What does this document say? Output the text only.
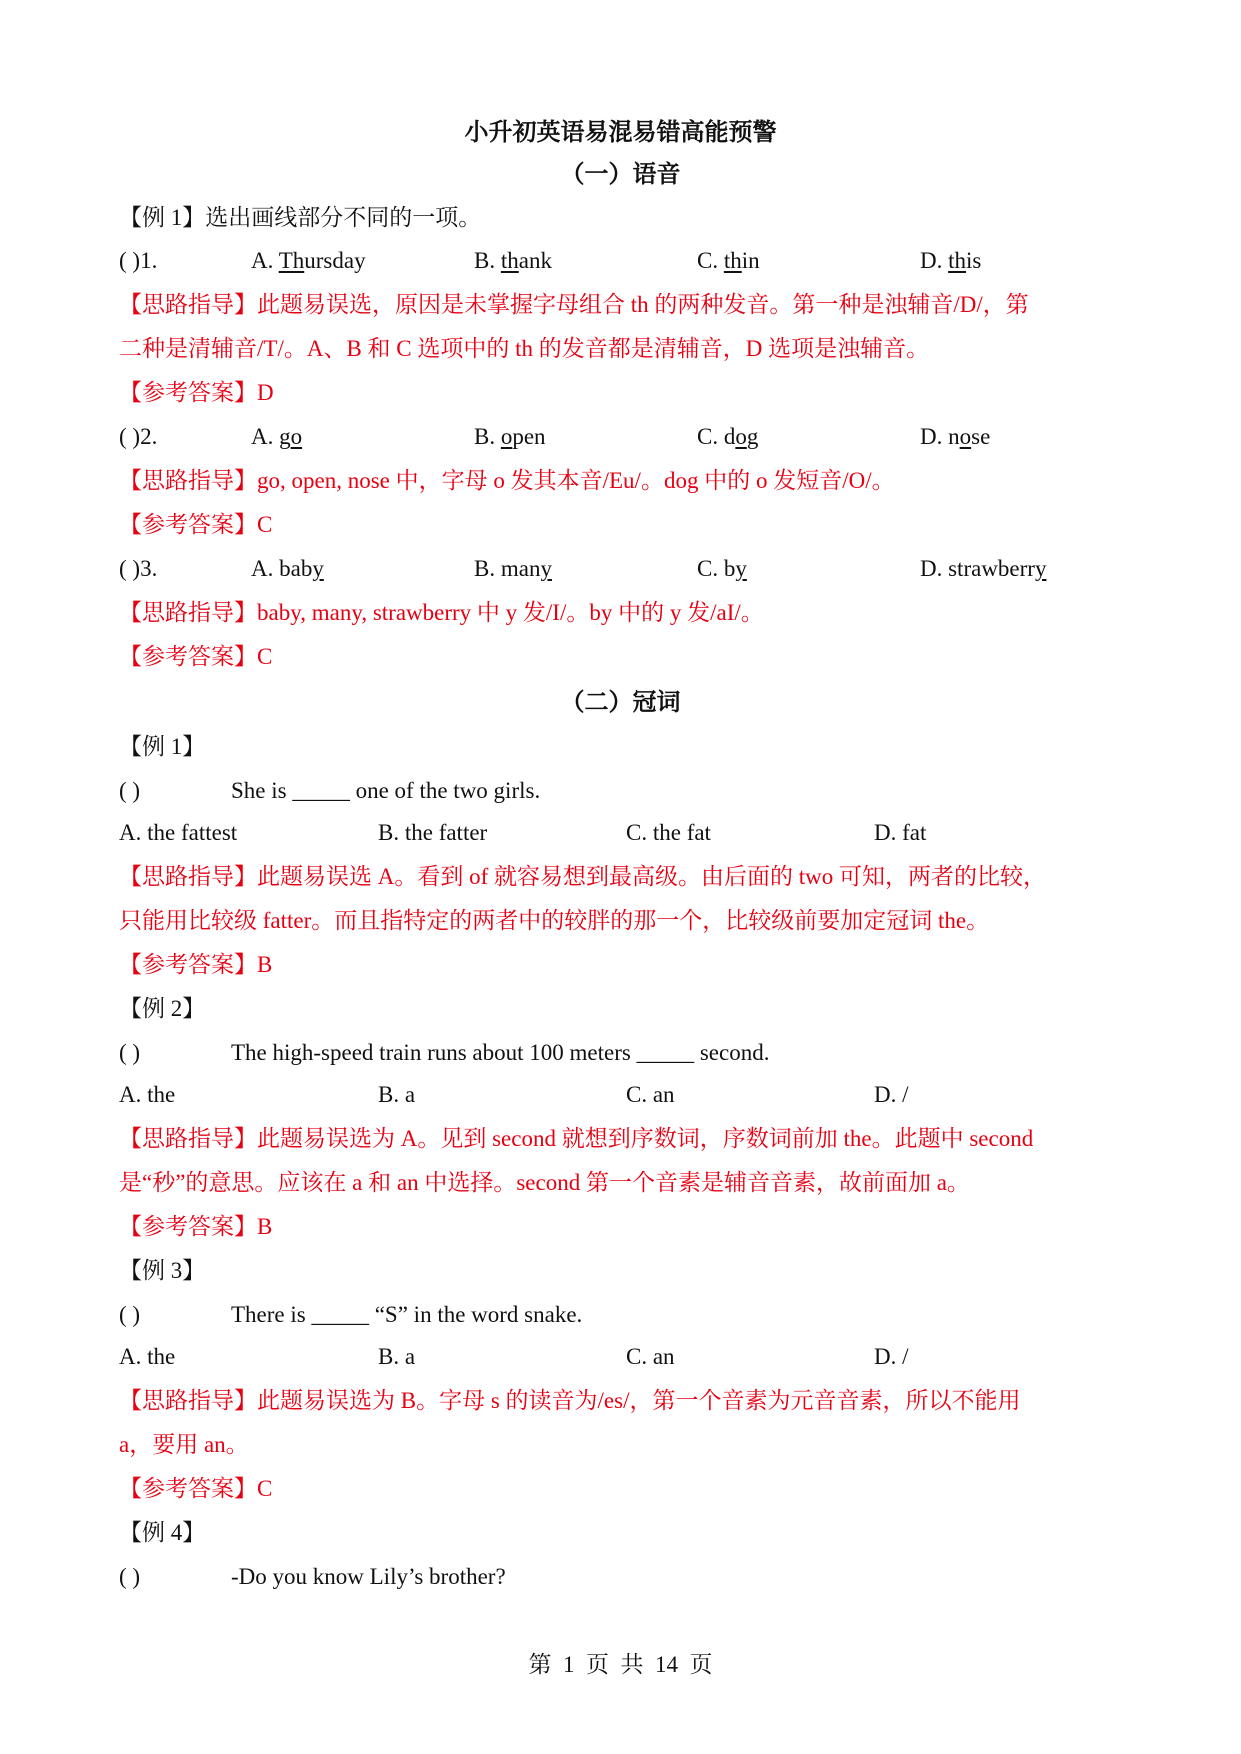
小升初英语易混易错高能预警
（一）语音
【例 1】选出画线部分不同的一项。
( )1.	A. Thursday	B. thank	C. thin	D. this
【思路指导】此题易误选，原因是未掌握字母组合 th 的两种发音。第一种是浊辅音/D/，第
二种是清辅音/T/。A、B 和 C 选项中的 th 的发音都是清辅音，D 选项是浊辅音。
【参考答案】D
( )2.	A. go	B. open	C. dog	D. nose
【思路指导】go, open, nose 中，字母 o 发其本音/Eu/。dog 中的 o 发短音/O/。
【参考答案】C
( )3.	A. baby	B. many	C. by	D. strawberry
【思路指导】baby, many, strawberry 中 y 发/I/。by 中的 y 发/aI/。
【参考答案】C
（二）冠词
【例 1】
( )	She is _____ one of the two girls.
A. the fattest	B. the fatter	C. the fat	D. fat
【思路指导】此题易误选 A。看到 of 就容易想到最高级。由后面的 two 可知，两者的比较，
只能用比较级 fatter。而且指特定的两者中的较胖的那一个，比较级前要加定冠词 the。
【参考答案】B
【例 2】
( )	The high-speed train runs about 100 meters _____ second.
A. the	B. a	C. an	D. /
【思路指导】此题易误选为 A。见到 second 就想到序数词，序数词前加 the。此题中 second
是“秒”的意思。应该在 a 和 an 中选择。second 第一个音素是辅音音素，故前面加 a。
【参考答案】B
【例 3】
( )	There is _____ “S” in the word snake.
A. the	B. a	C. an	D. /
【思路指导】此题易误选为 B。字母 s 的读音为/es/，第一个音素为元音音素，所以不能用
a，要用 an。
【参考答案】C
【例 4】
( )	-Do you know Lily’s brother?
第  1  页  共  14  页
